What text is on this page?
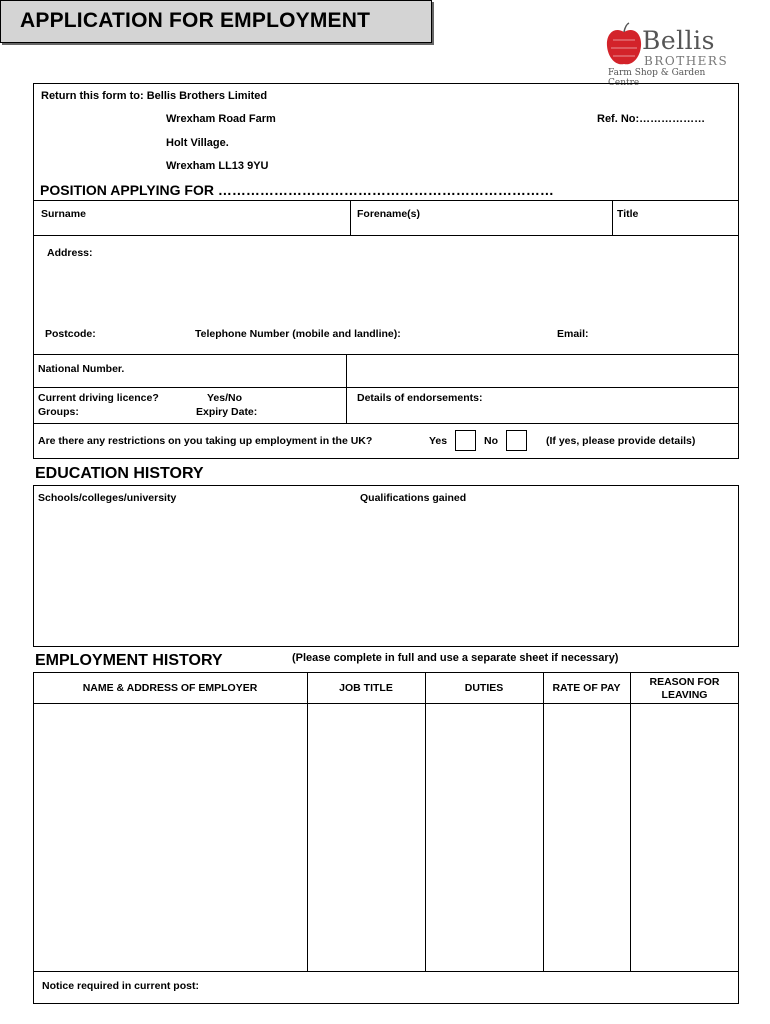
APPLICATION FOR EMPLOYMENT
Bellis
BROTHERS
Farm Shop & Garden Centre
Return this form to: Bellis Brothers Limited
Wrexham Road Farm	Ref. No:………………
Holt Village.
Wrexham LL13 9YU
POSITION APPLYING FOR ………………………………………………………………
Surname	Forename(s)	Title
Address:
Postcode:	Telephone Number (mobile and landline):	Email:
National Number.
Current driving licence?	Yes/No
Groups:	Expiry Date:
Details of endorsements:
Are there any restrictions on you taking up employment in the UK?	Yes	No	(If yes, please provide details)
EDUCATION HISTORY
Schools/colleges/university	Qualifications gained
EMPLOYMENT HISTORY	(Please complete in full and use a separate sheet if necessary)
NAME & ADDRESS OF EMPLOYER	JOB TITLE	DUTIES	RATE OF PAY	REASON FOR
LEAVING
Notice required in current post:
